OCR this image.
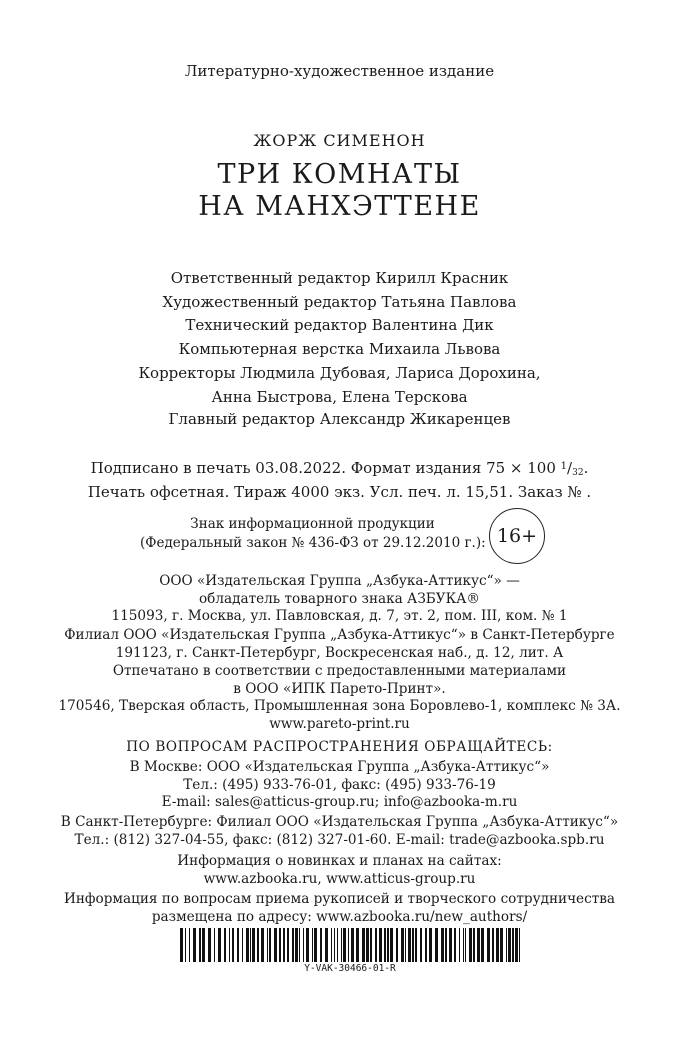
Литературно-художественное издание
ЖОРЖ СИМЕНОН
ТРИ КОМНАТЫ
НА МАНХЭТТЕНЕ
Ответственный редактор Кирилл Красник
Художественный редактор Татьяна Павлова
Технический редактор Валентина Дик
Компьютерная верстка Михаила Львова
Корректоры Людмила Дубовая, Лариса Дорохина,
Анна Быстрова, Елена Терскова
Главный редактор Александр Жикаренцев
Подписано в печать 03.08.2022. Формат издания 75 × 100 $^1$/32.
Печать офсетная. Тираж 4000 экз. Усл. печ. л. 15,51. Заказ № .
Знак информационной продукции
(Федеральный закон № 436-ФЗ от 29.12.2010 г.): 16+
ООО «Издательская Группа „Азбука-Аттикус“» —
обладатель товарного знака АЗБУКА®
115093, г. Москва, ул. Павловская, д. 7, эт. 2, пом. III, ком. № 1
Филиал ООО «Издательская Группа „Азбука-Аттикус“» в Санкт-Петербурге
191123, г. Санкт-Петербург, Воскресенская наб., д. 12, лит. А
Отпечатано в соответствии с предоставленными материалами
в ООО «ИПК Парето-Принт».
170546, Тверская область, Промышленная зона Боровлево-1, комплекс № 3А.
www.pareto-print.ru
ПО ВОПРОСАМ РАСПРОСТРАНЕНИЯ ОБРАЩАЙТЕСЬ:
В Москве: ООО «Издательская Группа „Азбука-Аттикус“»
Тел.: (495) 933-76-01, факс: (495) 933-76-19
E-mail: sales@atticus-group.ru; info@azbooka-m.ru
В Санкт-Петербурге: Филиал ООО «Издательская Группа „Азбука-Аттикус“»
Тел.: (812) 327-04-55, факс: (812) 327-01-60. E-mail: trade@azbooka.spb.ru
Информация о новинках и планах на сайтах:
www.azbooka.ru, www.atticus-group.ru
Информация по вопросам приема рукописей и творческого сотрудничества
размещена по адресу: www.azbooka.ru/new_authors/
Y-VAK-30466-01-R
